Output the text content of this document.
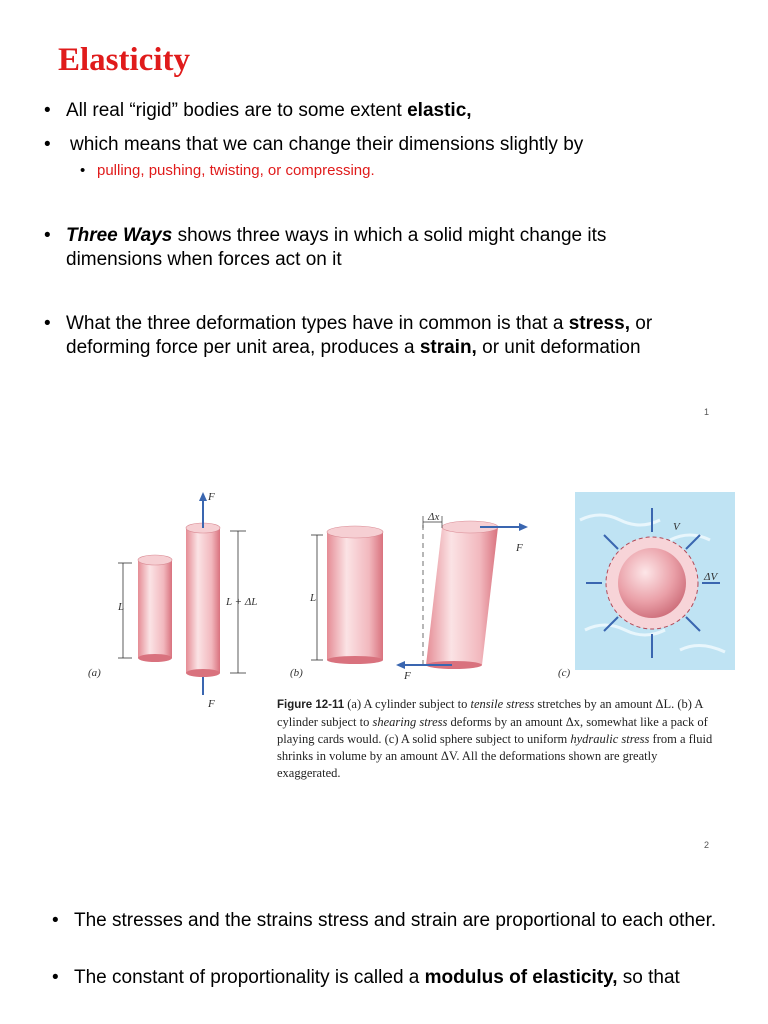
Elasticity
• All real “rigid” bodies are to some extent elastic,
• which means that we can change their dimensions slightly by
• pulling, pushing, twisting, or compressing.
• Three Ways shows three ways in which a solid might change its dimensions when forces act on it
• What the three deformation types have in common is that a stress, or deforming force per unit area, produces a strain, or unit deformation
1
(a)	(b)	(c)
L	L + ΔL	L
Δx
F
F
F
F
V
ΔV
Figure 12-11 (a) A cylinder subject to tensile stress stretches by an amount ΔL. (b) A cylinder subject to shearing stress deforms by an amount Δx, somewhat like a pack of playing cards would. (c) A solid sphere subject to uniform hydraulic stress from a fluid shrinks in volume by an amount ΔV. All the deformations shown are greatly exaggerated.
2
• The stresses and the strains stress and strain are proportional to each other.
• The constant of proportionality is called a modulus of elasticity, so that
